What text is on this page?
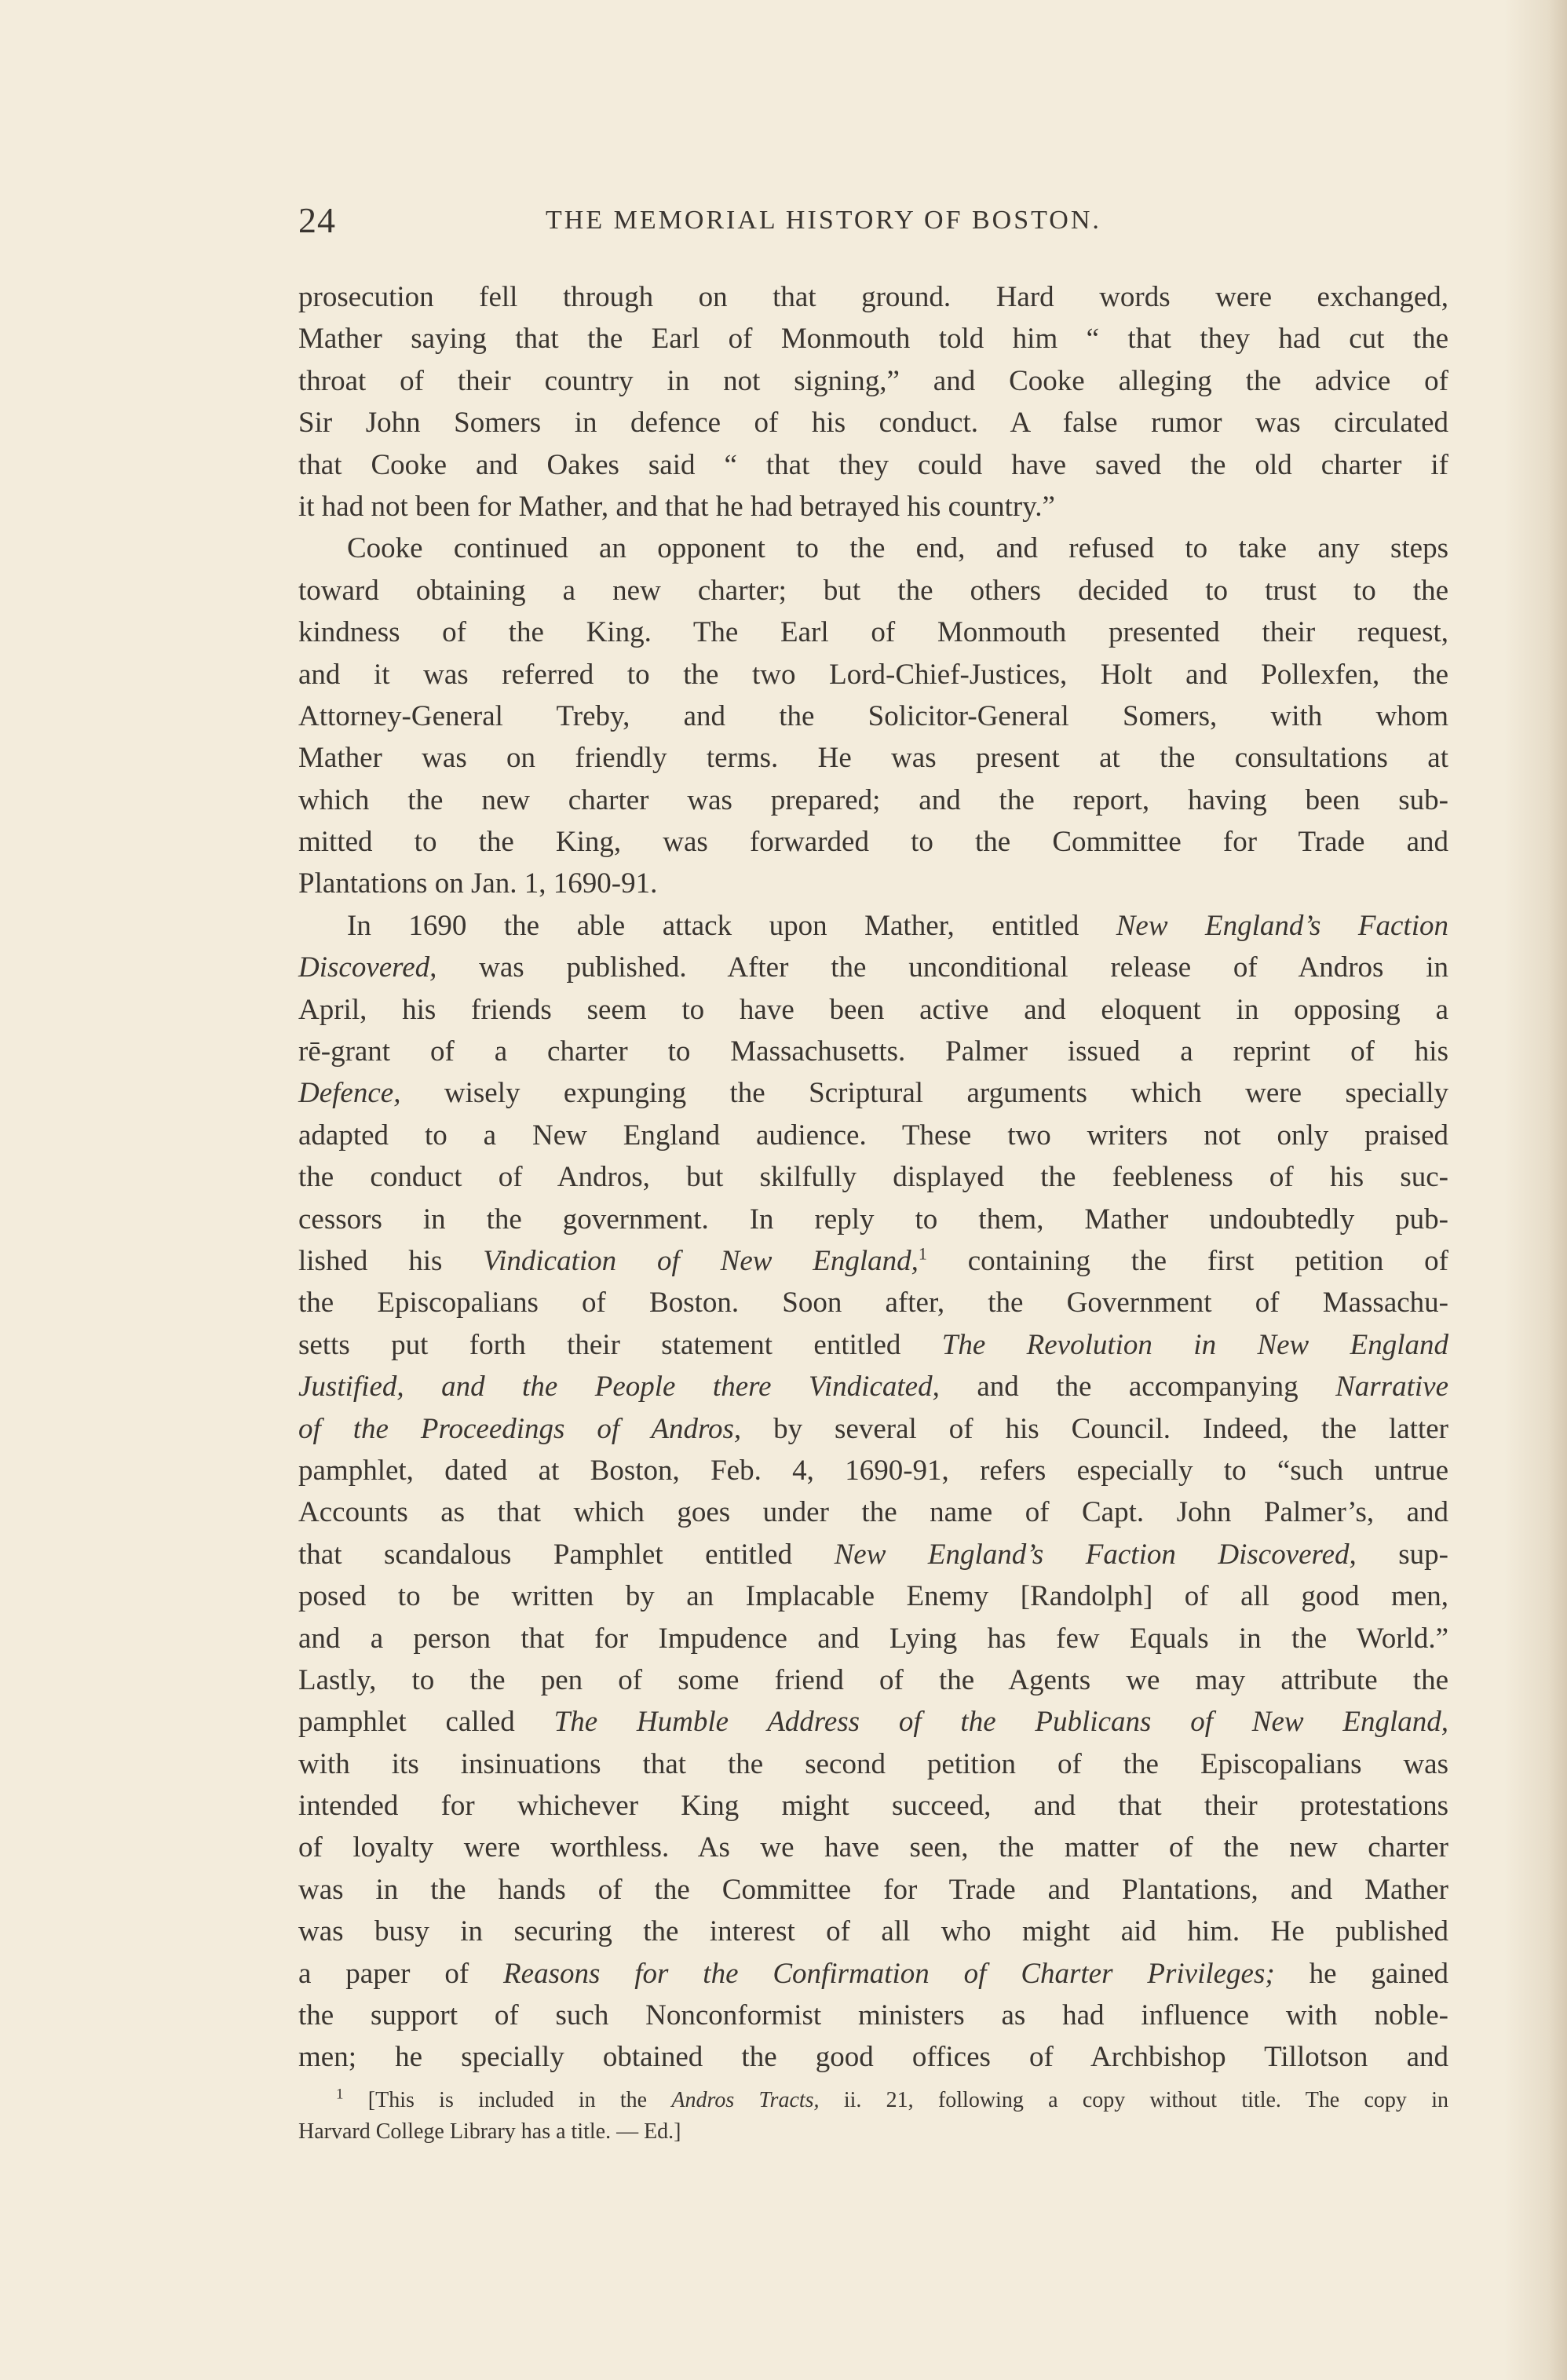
24	THE MEMORIAL HISTORY OF BOSTON.
prosecution fell through on that ground. Hard words were exchanged,
Mather saying that the Earl of Monmouth told him “ that they had cut the
throat of their country in not signing,” and Cooke alleging the advice of
Sir John Somers in defence of his conduct. A false rumor was circulated
that Cooke and Oakes said “ that they could have saved the old charter if
it had not been for Mather, and that he had betrayed his country.”
Cooke continued an opponent to the end, and refused to take any steps
toward obtaining a new charter; but the others decided to trust to the
kindness of the King. The Earl of Monmouth presented their request,
and it was referred to the two Lord-Chief-Justices, Holt and Pollexfen, the
Attorney-General Treby, and the Solicitor-General Somers, with whom
Mather was on friendly terms. He was present at the consultations at
which the new charter was prepared; and the report, having been sub-
mitted to the King, was forwarded to the Committee for Trade and
Plantations on Jan. 1, 1690-91.
In 1690 the able attack upon Mather, entitled New England’s Faction
Discovered, was published. After the unconditional release of Andros in
April, his friends seem to have been active and eloquent in opposing a
rē-grant of a charter to Massachusetts. Palmer issued a reprint of his
Defence, wisely expunging the Scriptural arguments which were specially
adapted to a New England audience. These two writers not only praised
the conduct of Andros, but skilfully displayed the feebleness of his suc-
cessors in the government. In reply to them, Mather undoubtedly pub-
lished his Vindication of New England,$^1$ containing the first petition of
the Episcopalians of Boston. Soon after, the Government of Massachu-
setts put forth their statement entitled The Revolution in New England
Justified, and the People there Vindicated, and the accompanying Narrative
of the Proceedings of Andros, by several of his Council. Indeed, the latter
pamphlet, dated at Boston, Feb. 4, 1690-91, refers especially to “such untrue
Accounts as that which goes under the name of Capt. John Palmer’s, and
that scandalous Pamphlet entitled New England’s Faction Discovered, sup-
posed to be written by an Implacable Enemy [Randolph] of all good men,
and a person that for Impudence and Lying has few Equals in the World.”
Lastly, to the pen of some friend of the Agents we may attribute the
pamphlet called The Humble Address of the Publicans of New England,
with its insinuations that the second petition of the Episcopalians was
intended for whichever King might succeed, and that their protestations
of loyalty were worthless. As we have seen, the matter of the new charter
was in the hands of the Committee for Trade and Plantations, and Mather
was busy in securing the interest of all who might aid him. He published
a paper of Reasons for the Confirmation of Charter Privileges; he gained
the support of such Nonconformist ministers as had influence with noble-
men; he specially obtained the good offices of Archbishop Tillotson and
$^1$ [This is included in the Andros Tracts, ii. 21, following a copy without title. The copy in
Harvard College Library has a title. — Ed.]
